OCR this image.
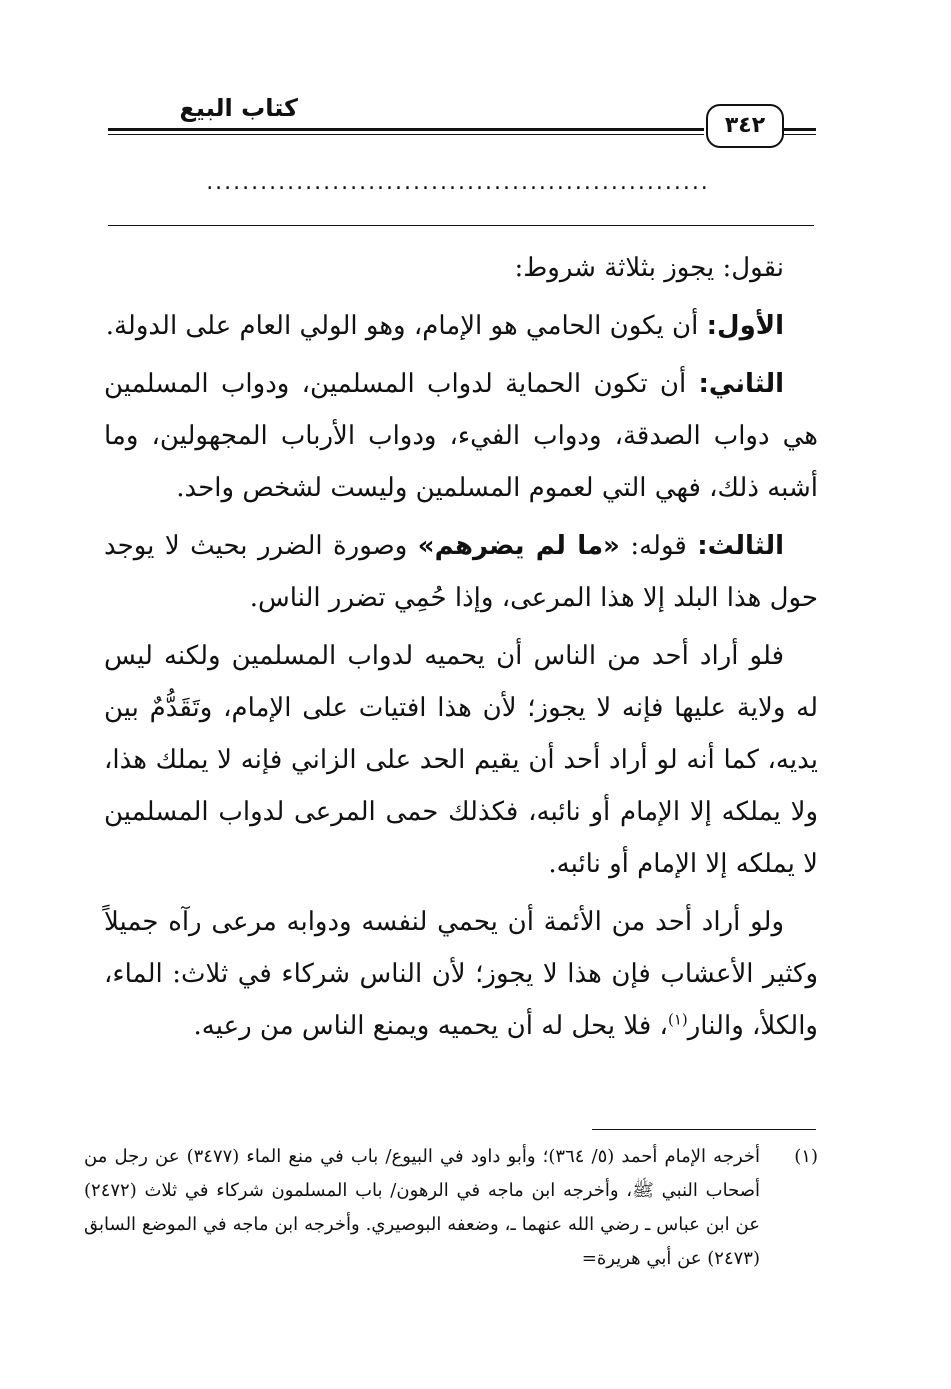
كتاب البيع
٣٤٢
........................................................

نقول: يجوز بثلاثة شروط:

الأول: أن يكون الحامي هو الإمام، وهو الولي العام على الدولة.

الثاني: أن تكون الحماية لدواب المسلمين، ودواب المسلمين هي دواب الصدقة، ودواب الفيء، ودواب الأرباب المجهولين، وما أشبه ذلك، فهي التي لعموم المسلمين وليست لشخص واحد.

الثالث: قوله: «ما لم يضرهم» وصورة الضرر بحيث لا يوجد حول هذا البلد إلا هذا المرعى، وإذا حُمِي تضرر الناس.

فلو أراد أحد من الناس أن يحميه لدواب المسلمين ولكنه ليس له ولاية عليها فإنه لا يجوز؛ لأن هذا افتيات على الإمام، وتَقَدُّمٌ بين يديه، كما أنه لو أراد أحد أن يقيم الحد على الزاني فإنه لا يملك هذا، ولا يملكه إلا الإمام أو نائبه، فكذلك حمى المرعى لدواب المسلمين لا يملكه إلا الإمام أو نائبه.

ولو أراد أحد من الأئمة أن يحمي لنفسه ودوابه مرعى رآه جميلاً وكثير الأعشاب فإن هذا لا يجوز؛ لأن الناس شركاء في ثلاث: الماء، والكلأ، والنار$^{(١)}$، فلا يحل له أن يحميه ويمنع الناس من رعيه.

(١)
أخرجه الإمام أحمد (٥/ ٣٦٤)؛ وأبو داود في البيوع/ باب في منع الماء (٣٤٧٧) عن رجل من أصحاب النبي ﷺ، وأخرجه ابن ماجه في الرهون/ باب المسلمون شركاء في ثلاث (٢٤٧٢) عن ابن عباس ـ رضي الله عنهما ـ، وضعفه البوصيري. وأخرجه ابن ماجه في الموضع السابق (٢٤٧٣) عن أبي هريرة=
